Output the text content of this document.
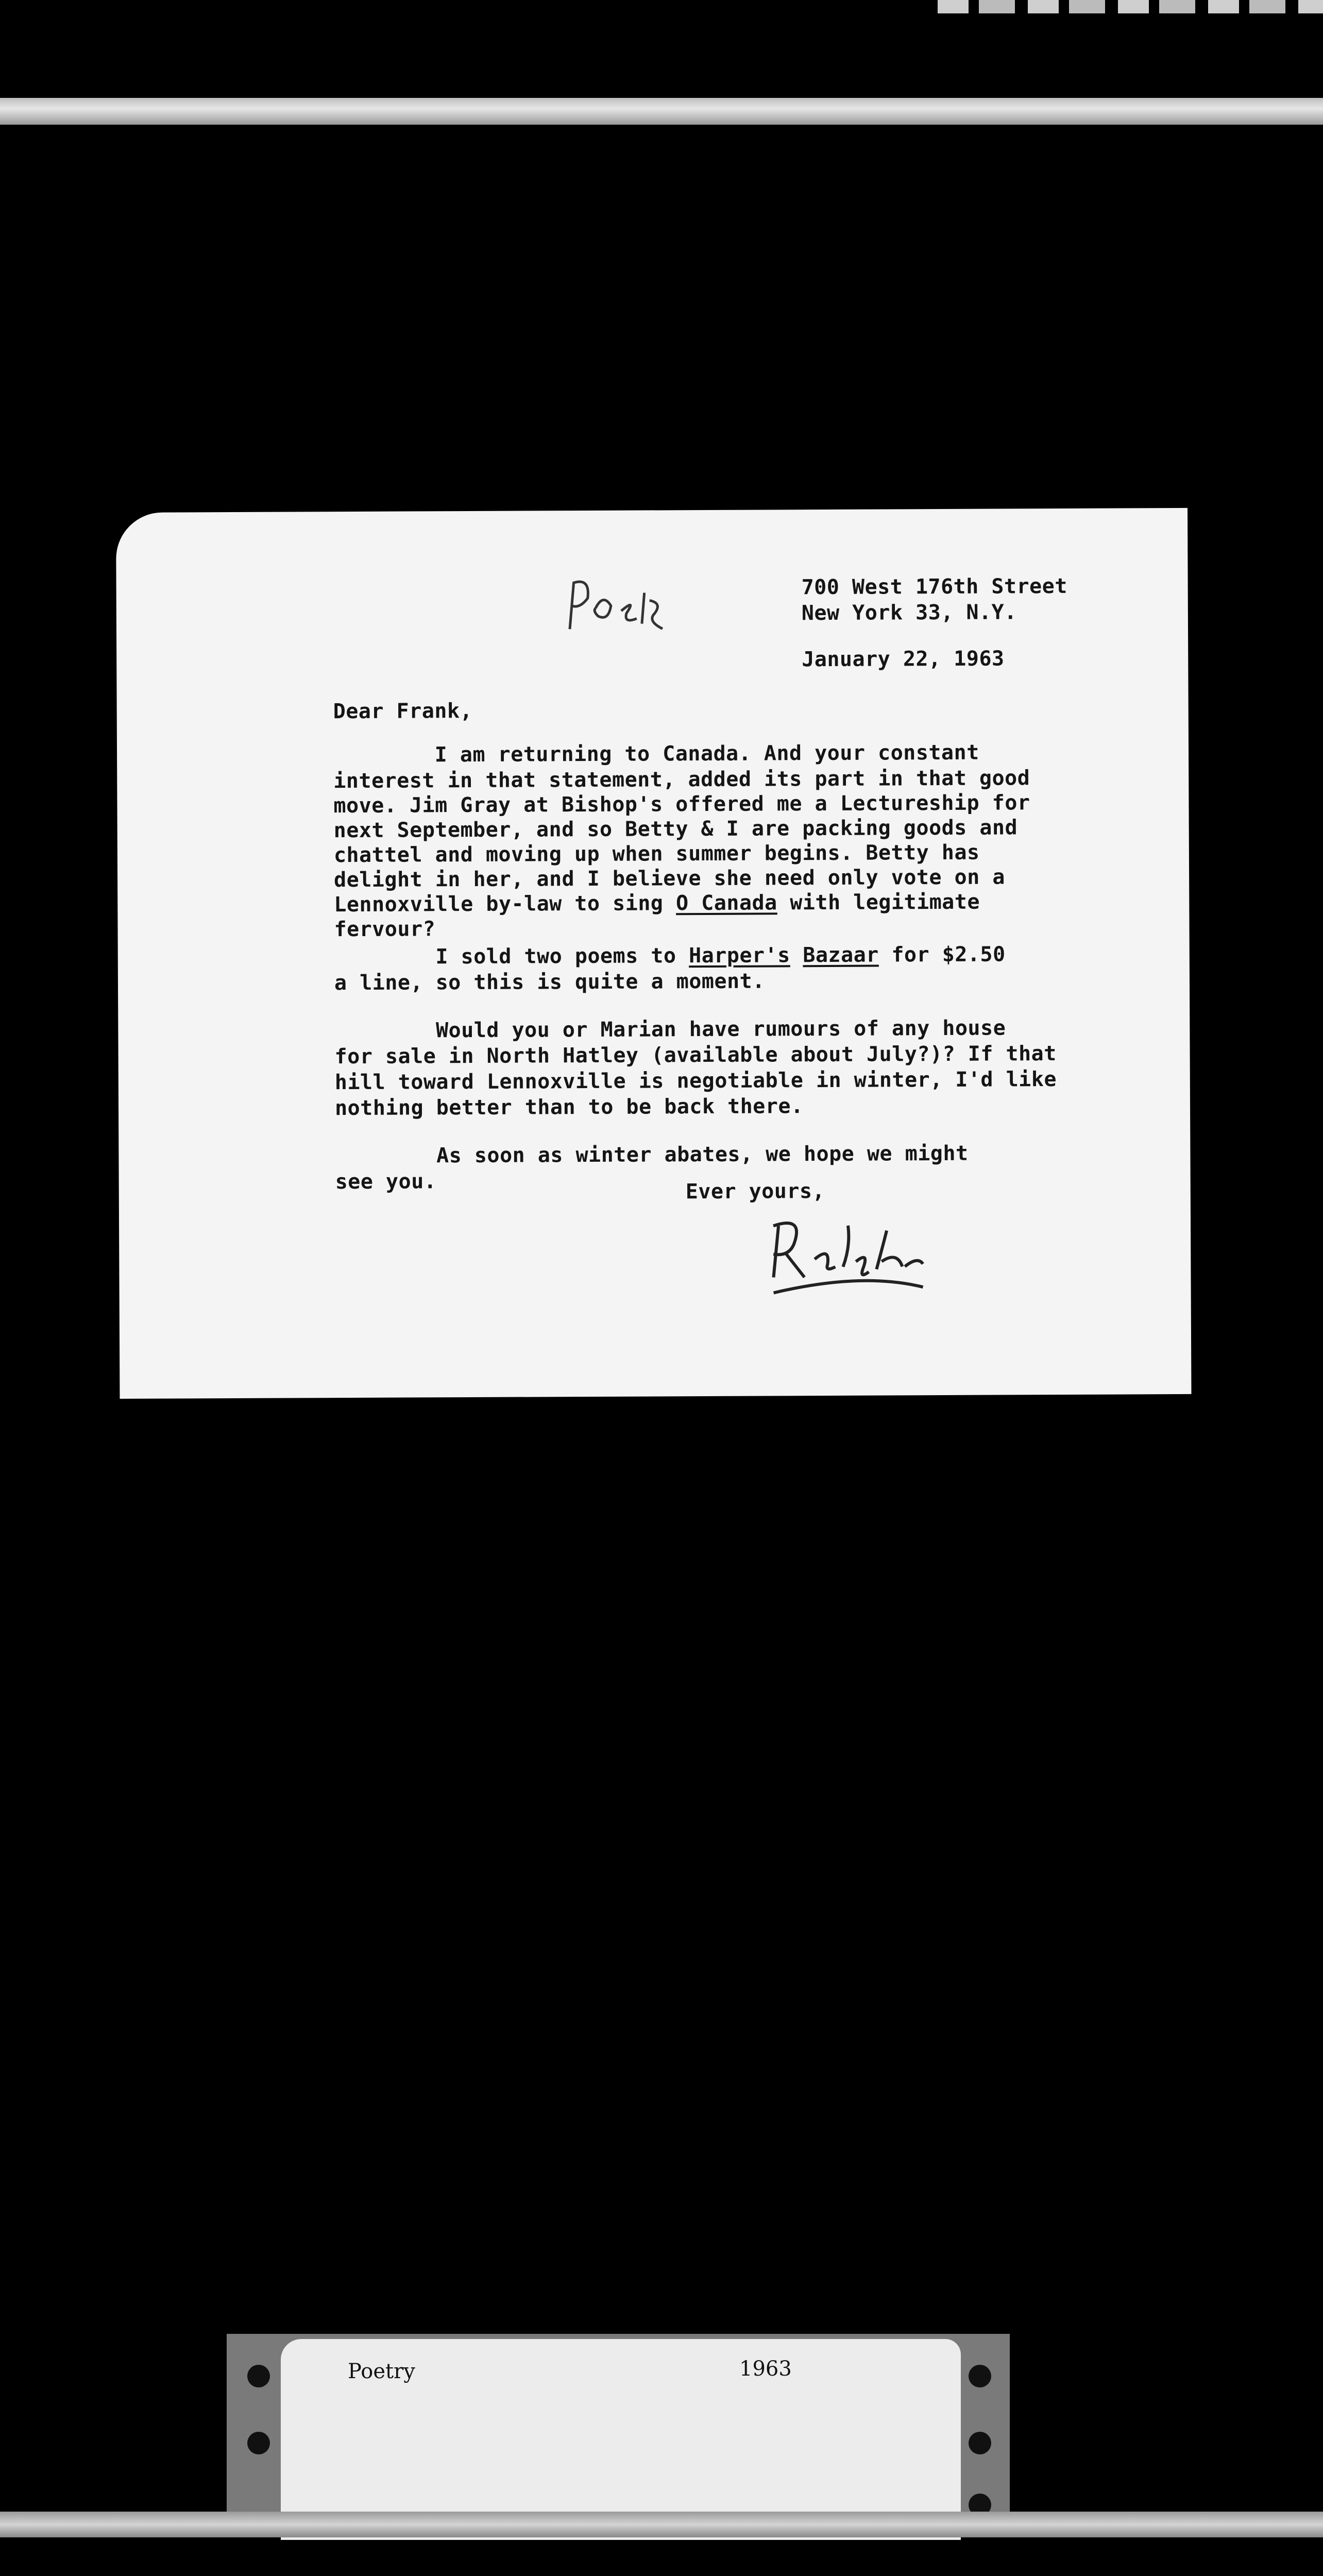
700 West 176th Street
New York 33, N.Y.
January 22, 1963
Dear Frank,
I am returning to Canada. And your constant
interest in that statement, added its part in that good
move. Jim Gray at Bishop's offered me a Lectureship for
next September, and so Betty & I are packing goods and
chattel and moving up when summer begins. Betty has
delight in her, and I believe she need only vote on a
Lennoxville by-law to sing O Canada with legitimate
fervour?
I sold two poems to Harper's Bazaar for $2.50
a line, so this is quite a moment.
Would you or Marian have rumours of any house
for sale in North Hatley (available about July?)? If that
hill toward Lennoxville is negotiable in winter, I'd like
nothing better than to be back there.
As soon as winter abates, we hope we might
see you.	Ever yours,
Poetry	1963
